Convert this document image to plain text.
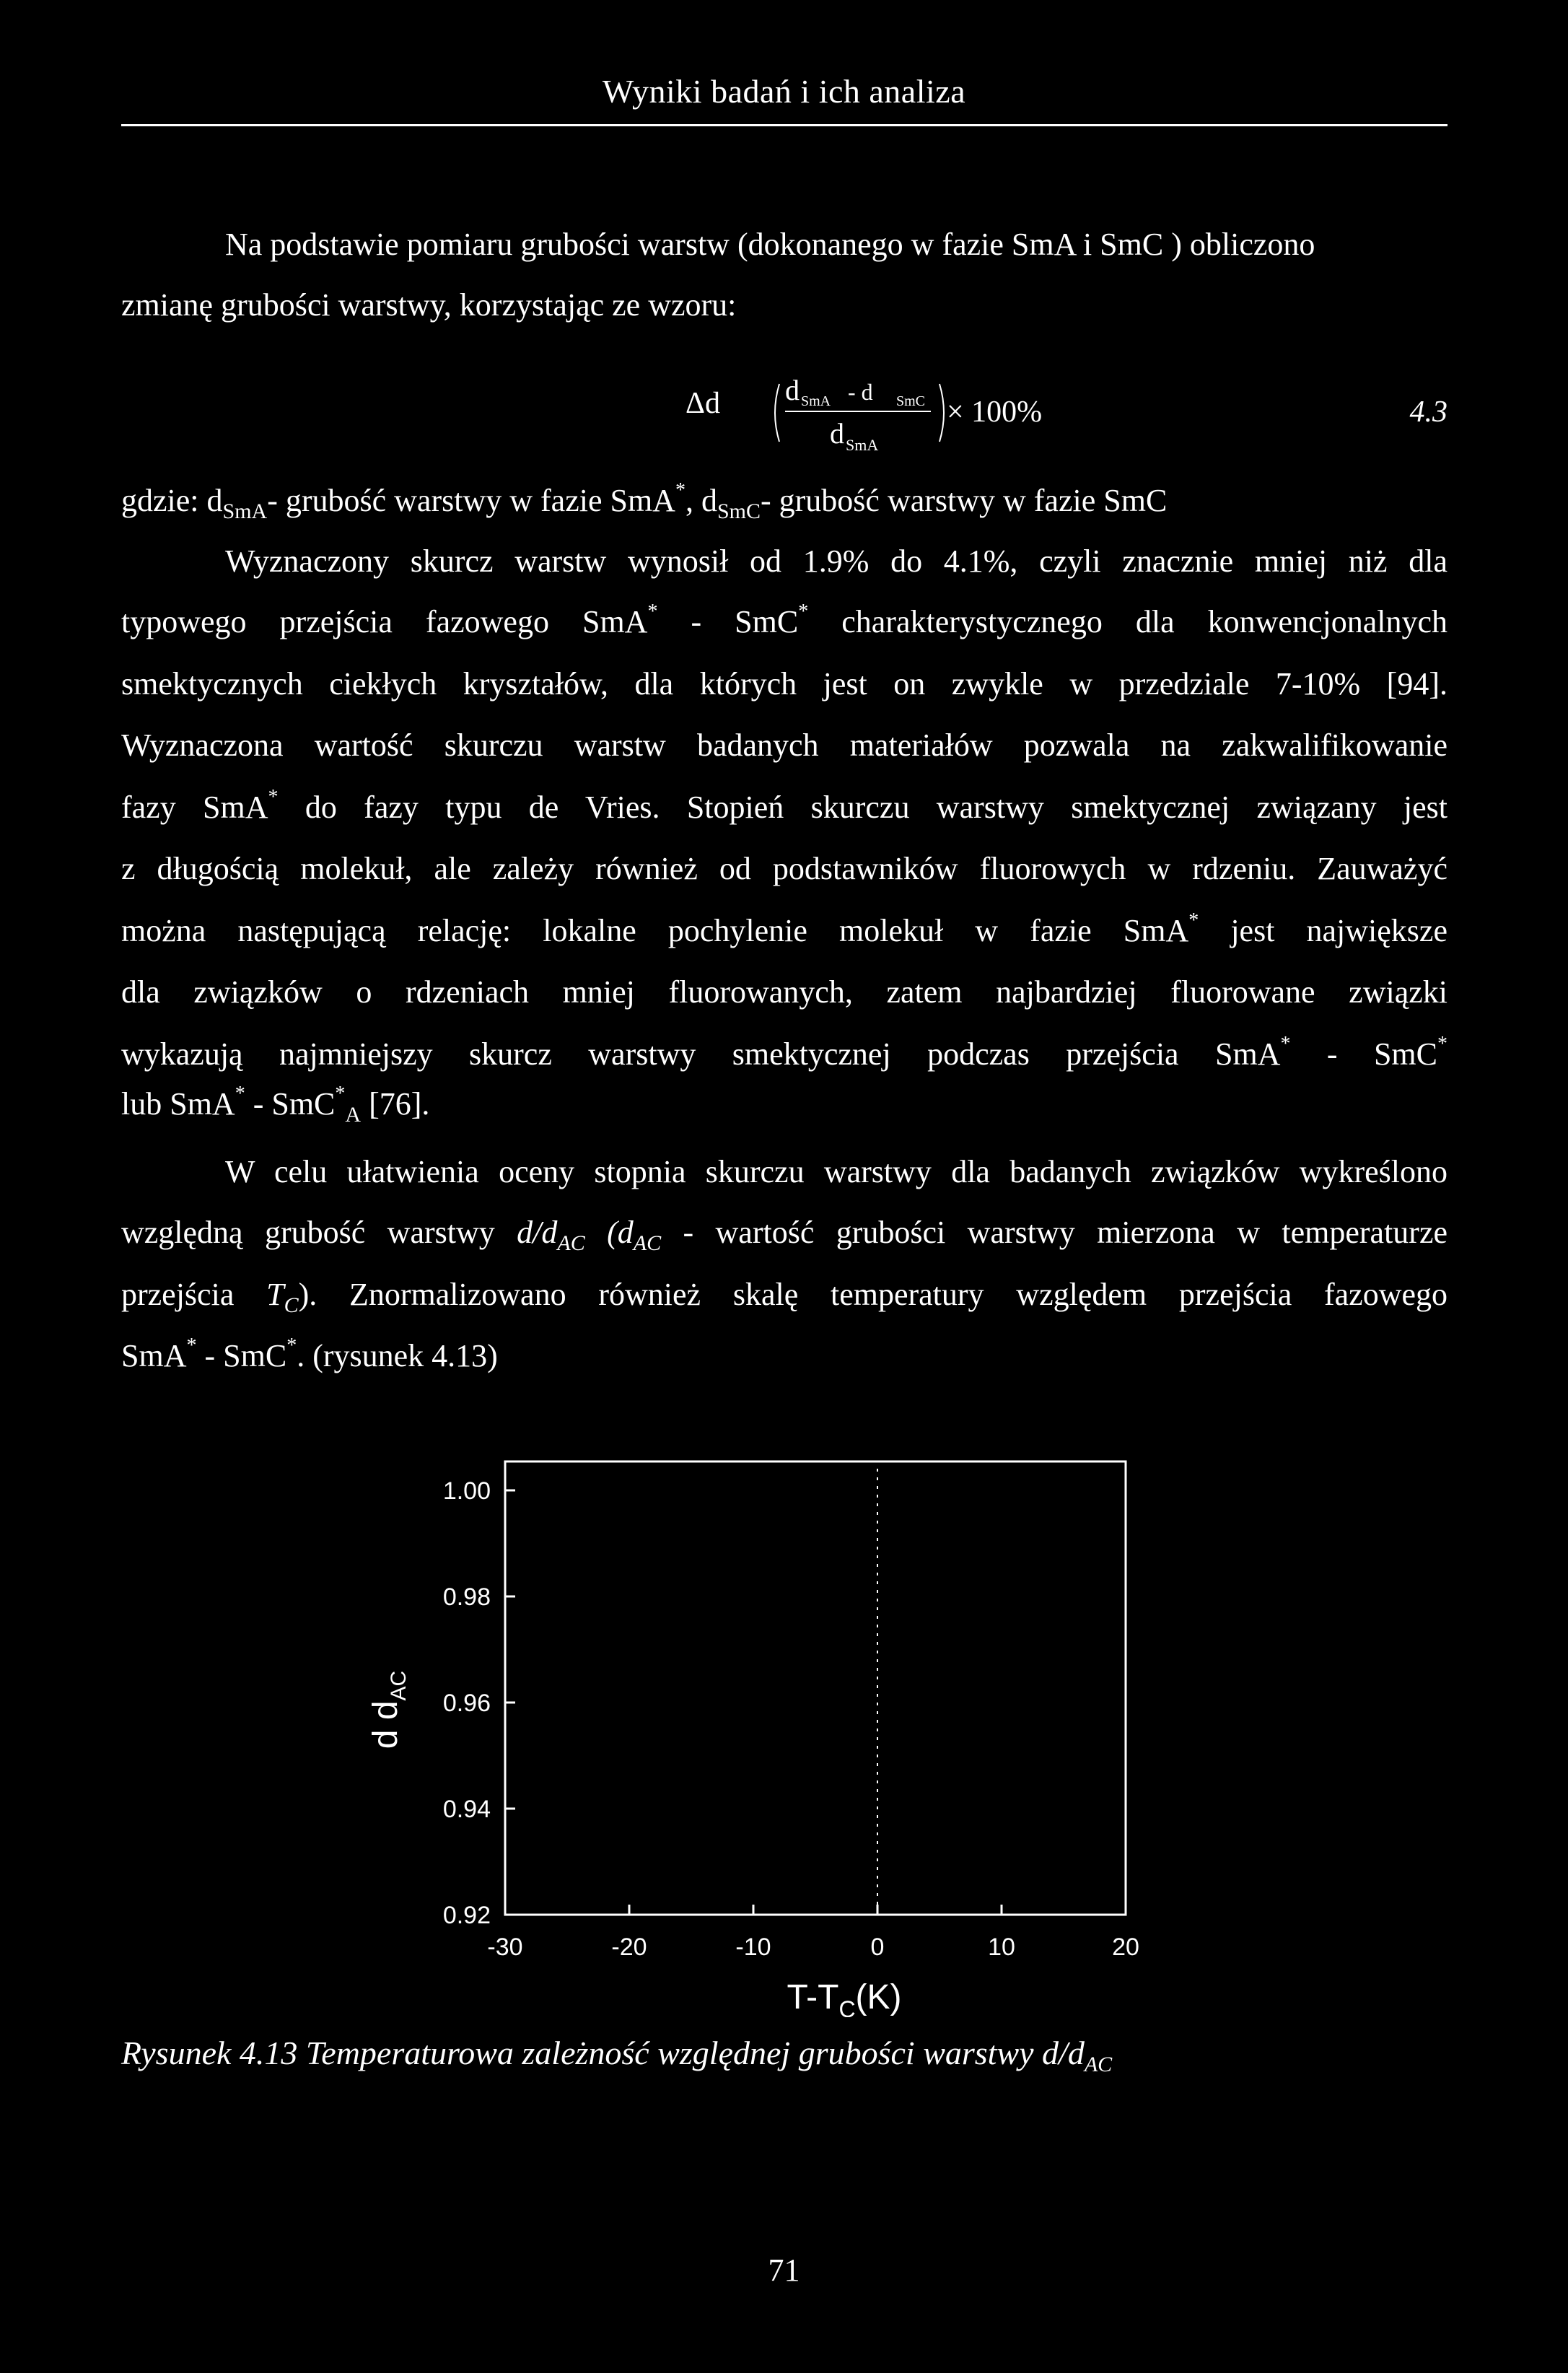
Wyniki badań i ich analiza
Na podstawie pomiaru grubości warstw (dokonanego w fazie SmA i SmC ) obliczono
zmianę grubości warstwy, korzystając ze wzoru:
Δd d SmA - d SmC
d SmA
× 100%	4.3
gdzie: $d_{SmA}-$ grubość warstwy w fazie SmA*, $d_{SmC}-$ grubość warstwy w fazie SmC
Wyznaczony skurcz warstw wynosił od 1.9% do 4.1%, czyli znacznie mniej niż dla
typowego przejścia fazowego SmA* - SmC* charakterystycznego dla konwencjonalnych
smektycznych ciekłych kryształów, dla których jest on zwykle w przedziale 7-10% [94].
Wyznaczona wartość skurczu warstw badanych materiałów pozwala na zakwalifikowanie
fazy SmA* do fazy typu de Vries. Stopień skurczu warstwy smektycznej związany jest
z długością molekuł, ale zależy również od podstawników fluorowych w rdzeniu. Zauważyć
można następującą relację: lokalne pochylenie molekuł w fazie SmA* jest największe
dla związków o rdzeniach mniej fluorowanych, zatem najbardziej fluorowane związki
wykazują najmniejszy skurcz warstwy smektycznej podczas przejścia SmA* - SmC*
lub SmA* - SmC*$_A$ [76].
W celu ułatwienia oceny stopnia skurczu warstwy dla badanych związków wykreślono
względną grubość warstwy $d/d_{AC}$ ($d_{AC}$ - wartość grubości warstwy mierzona w temperaturze
przejścia $T_C$). Znormalizowano również skalę temperatury względem przejścia fazowego
SmA* - SmC*. (rysunek 4.13)
1.00
0.98
0.96
0.94
0.92
-30	-20	-10	0	10	20
$T-T_C(K)$
d $d_{AC}$
Rysunek 4.13 Temperaturowa zależność względnej grubości warstwy $d/d_{AC}$
71
